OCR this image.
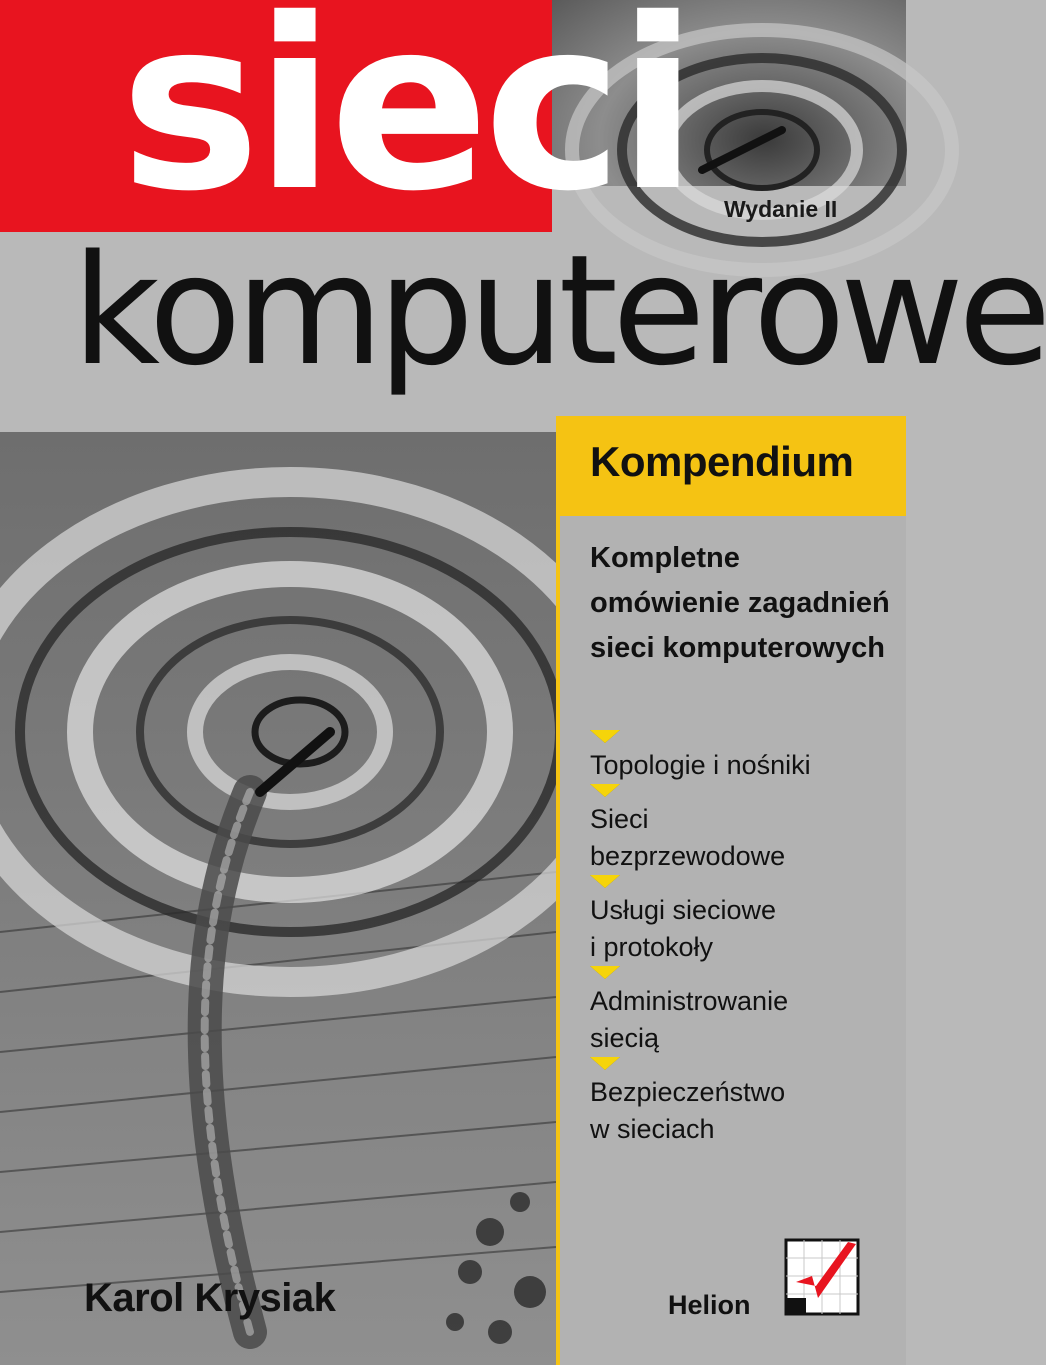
sieci
komputerowe
Wydanie II
Kompendium

Kompletne omówienie zagadnień sieci komputerowych

Topologie i nośniki
Sieci
bezprzewodowe
Usługi sieciowe
i protokoły
Administrowanie
siecią
Bezpieczeństwo
w sieciach
Karol Krysiak	Helion
